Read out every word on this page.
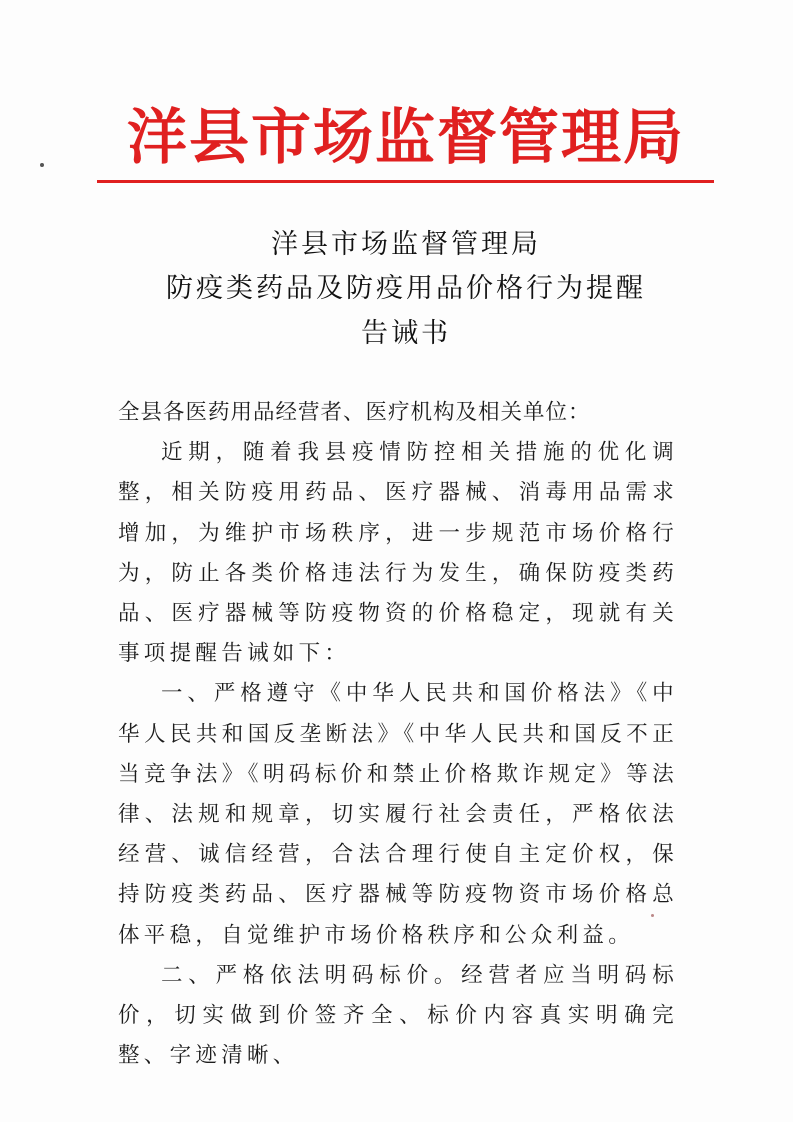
洋县市场监督管理局
洋县市场监督管理局
防疫类药品及防疫用品价格行为提醒
告诫书

全县各医药用品经营者、医疗机构及相关单位：

近期，随着我县疫情防控相关措施的优化调整，相关防疫用药品、医疗器械、消毒用品需求增加，为维护市场秩序，进一步规范市场价格行为，防止各类价格违法行为发生，确保防疫类药品、医疗器械等防疫物资的价格稳定，现就有关事项提醒告诫如下：

一、严格遵守《中华人民共和国价格法》《中华人民共和国反垄断法》《中华人民共和国反不正当竞争法》《明码标价和禁止价格欺诈规定》等法律、法规和规章，切实履行社会责任，严格依法经营、诚信经营，合法合理行使自主定价权，保持防疫类药品、医疗器械等防疫物资市场价格总体平稳，自觉维护市场价格秩序和公众利益。

二、严格依法明码标价。经营者应当明码标价，切实做到价签齐全、标价内容真实明确完整、字迹清晰、
